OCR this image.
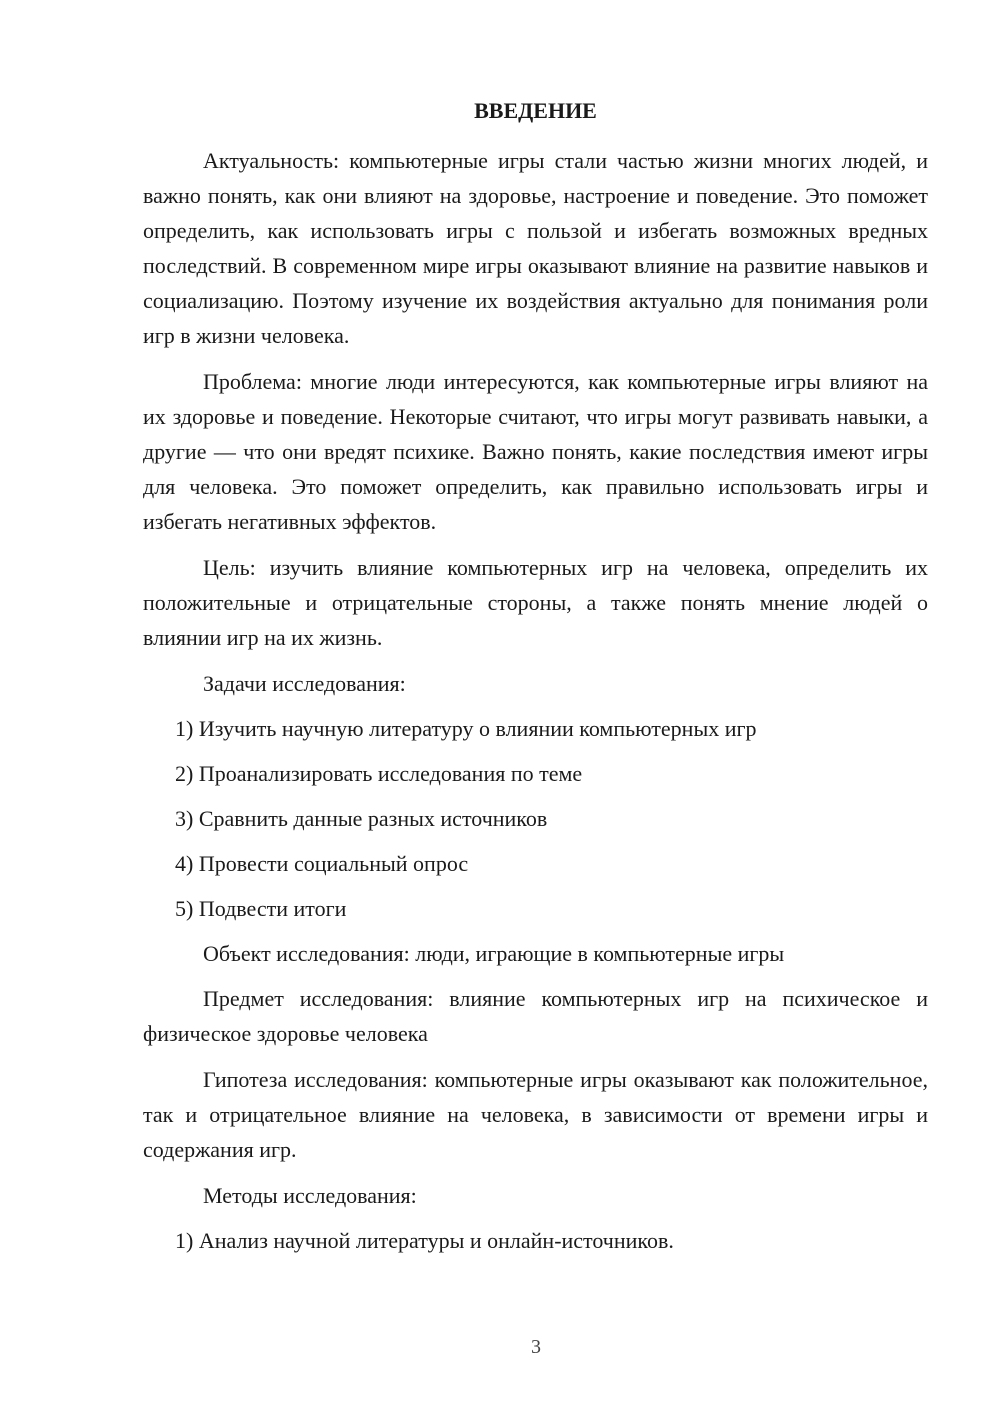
ВВЕДЕНИЕ

Актуальность: компьютерные игры стали частью жизни многих людей, и важно понять, как они влияют на здоровье, настроение и поведение. Это поможет определить, как использовать игры с пользой и избегать возможных вредных последствий. В современном мире игры оказывают влияние на развитие навыков и социализацию. Поэтому изучение их воздействия актуально для понимания роли игр в жизни человека.

Проблема: многие люди интересуются, как компьютерные игры влияют на их здоровье и поведение. Некоторые считают, что игры могут развивать навыки, а другие — что они вредят психике. Важно понять, какие последствия имеют игры для человека. Это поможет определить, как правильно использовать игры и избегать негативных эффектов.

Цель: изучить влияние компьютерных игр на человека, определить их положительные и отрицательные стороны, а также понять мнение людей о влиянии игр на их жизнь.

Задачи исследования:

1) Изучить научную литературу о влиянии компьютерных игр

2) Проанализировать исследования по теме

3) Сравнить данные разных источников

4) Провести социальный опрос

5) Подвести итоги

Объект исследования: люди, играющие в компьютерные игры

Предмет исследования: влияние компьютерных игр на психическое и физическое здоровье человека

Гипотеза исследования: компьютерные игры оказывают как положительное, так и отрицательное влияние на человека, в зависимости от времени игры и содержания игр.

Методы исследования:

1) Анализ научной литературы и онлайн-источников.

3
